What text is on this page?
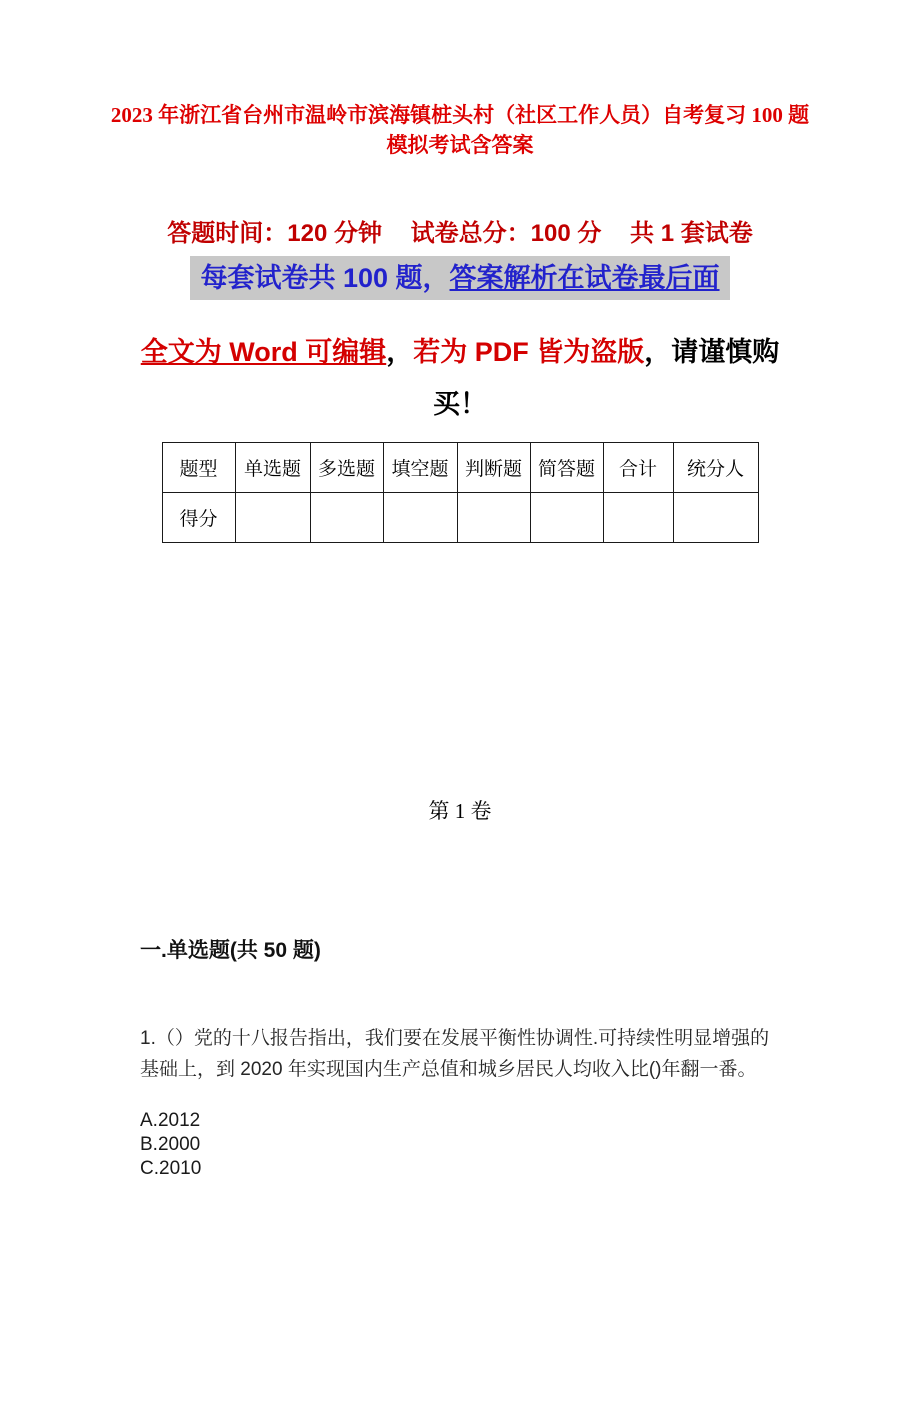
2023 年浙江省台州市温岭市滨海镇桩头村（社区工作人员）自考复习 100 题模拟考试含答案
答题时间：120 分钟 试卷总分：100 分 共 1 套试卷
每套试卷共 100 题，答案解析在试卷最后面
全文为 Word 可编辑，若为 PDF 皆为盗版，请谨慎购买！
题型	单选题	多选题	填空题	判断题	简答题	合计	统分人
得分							
第 1 卷
一.单选题(共 50 题)
1.（）党的十八报告指出，我们要在发展平衡性协调性.可持续性明显增强的基础上，到 2020 年实现国内生产总值和城乡居民人均收入比()年翻一番。
A.2012
B.2000
C.2010
